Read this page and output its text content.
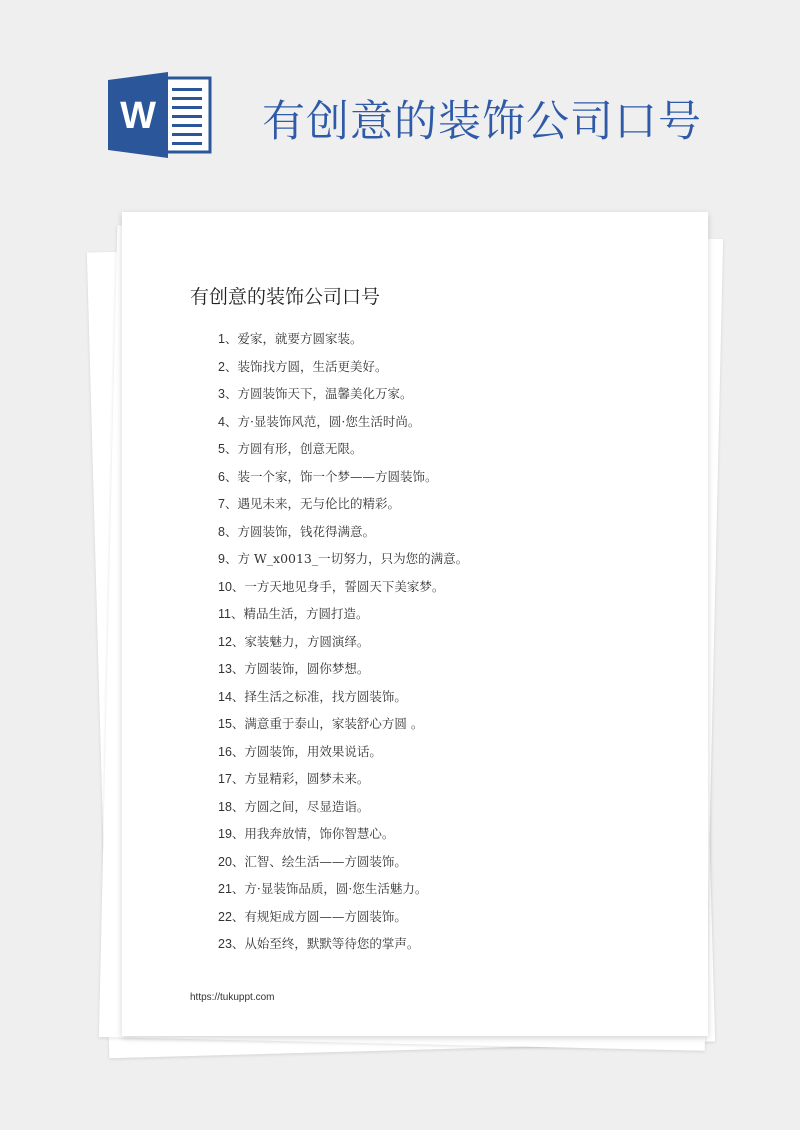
W 有创意的装饰公司口号
有创意的装饰公司口号
1、爱家，就要方圆家装。
2、装饰找方圆，生活更美好。
3、方圆装饰天下，温馨美化万家。
4、方·显装饰风范，圆·您生活时尚。
5、方圆有形，创意无限。
6、装一个家，饰一个梦——方圆装饰。
7、遇见未来，无与伦比的精彩。
8、方圆装饰，钱花得满意。
9、方 W_x0013_一切努力，只为您的满意。
10、一方天地见身手，誓圆天下美家梦。
11、精品生活，方圆打造。
12、家装魅力，方圆演绎。
13、方圆装饰，圆你梦想。
14、择生活之标准，找方圆装饰。
15、满意重于泰山，家装舒心方圆 。
16、方圆装饰，用效果说话。
17、方显精彩，圆梦未来。
18、方圆之间，尽显造诣。
19、用我奔放情，饰你智慧心。
20、汇智、绘生活——方圆装饰。
21、方·显装饰品质，圆·您生活魅力。
22、有规矩成方圆——方圆装饰。
23、从始至终，默默等待您的掌声。
https://tukuppt.com
